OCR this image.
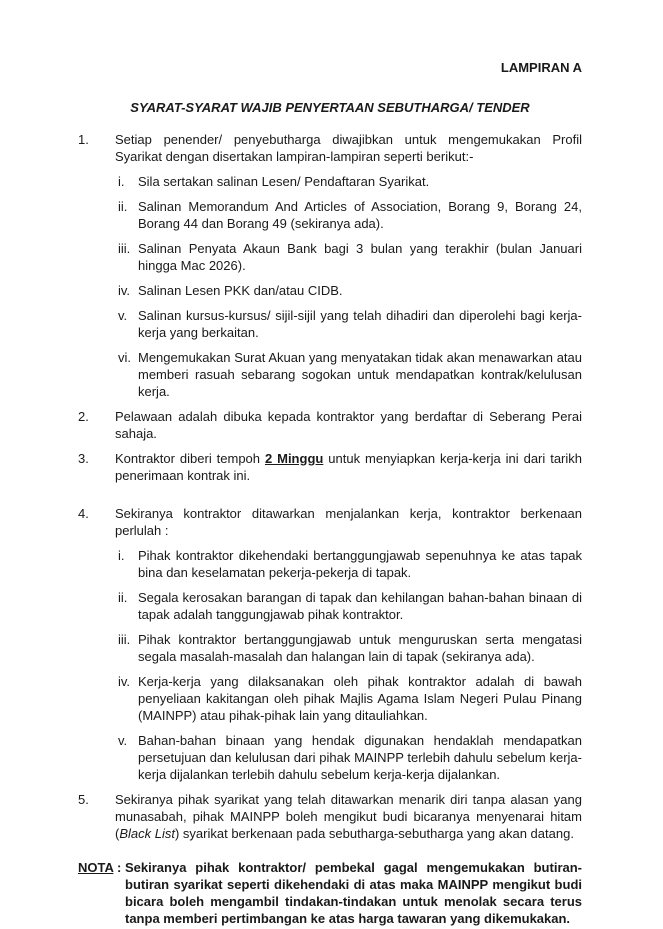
LAMPIRAN A
SYARAT-SYARAT WAJIB PENYERTAAN SEBUTHARGA/ TENDER
1. Setiap penender/ penyebutharga diwajibkan untuk mengemukakan Profil Syarikat dengan disertakan lampiran-lampiran seperti berikut:-

i. Sila sertakan salinan Lesen/ Pendaftaran Syarikat.

ii. Salinan Memorandum And Articles of Association, Borang 9, Borang 24, Borang 44 dan Borang 49 (sekiranya ada).

iii. Salinan Penyata Akaun Bank bagi 3 bulan yang terakhir (bulan Januari hingga Mac 2026).

iv. Salinan Lesen PKK dan/atau CIDB.

v. Salinan kursus-kursus/ sijil-sijil yang telah dihadiri dan diperolehi bagi kerja-kerja yang berkaitan.

vi. Mengemukakan Surat Akuan yang menyatakan tidak akan menawarkan atau memberi rasuah sebarang sogokan untuk mendapatkan kontrak/kelulusan kerja.

2. Pelawaan adalah dibuka kepada kontraktor yang berdaftar di Seberang Perai sahaja.

3. Kontraktor diberi tempoh 2 Minggu untuk menyiapkan kerja-kerja ini dari tarikh penerimaan kontrak ini.

4. Sekiranya kontraktor ditawarkan menjalankan kerja, kontraktor berkenaan perlulah :

i. Pihak kontraktor dikehendaki bertanggungjawab sepenuhnya ke atas tapak bina dan keselamatan pekerja-pekerja di tapak.

ii. Segala kerosakan barangan di tapak dan kehilangan bahan-bahan binaan di tapak adalah tanggungjawab pihak kontraktor.

iii. Pihak kontraktor bertanggungjawab untuk menguruskan serta mengatasi segala masalah-masalah dan halangan lain di tapak (sekiranya ada).

iv. Kerja-kerja yang dilaksanakan oleh pihak kontraktor adalah di bawah penyeliaan kakitangan oleh pihak Majlis Agama Islam Negeri Pulau Pinang (MAINPP) atau pihak-pihak lain yang ditauliahkan.

v. Bahan-bahan binaan yang hendak digunakan hendaklah mendapatkan persetujuan dan kelulusan dari pihak MAINPP terlebih dahulu sebelum kerja-kerja dijalankan terlebih dahulu sebelum kerja-kerja dijalankan.

5. Sekiranya pihak syarikat yang telah ditawarkan menarik diri tanpa alasan yang munasabah, pihak MAINPP boleh mengikut budi bicaranya menyenarai hitam (Black List) syarikat berkenaan pada sebutharga-sebutharga yang akan datang.

NOTA : Sekiranya pihak kontraktor/ pembekal gagal mengemukakan butiran-butiran syarikat seperti dikehendaki di atas maka MAINPP mengikut budi bicara boleh mengambil tindakan-tindakan untuk menolak secara terus tanpa memberi pertimbangan ke atas harga tawaran yang dikemukakan.
